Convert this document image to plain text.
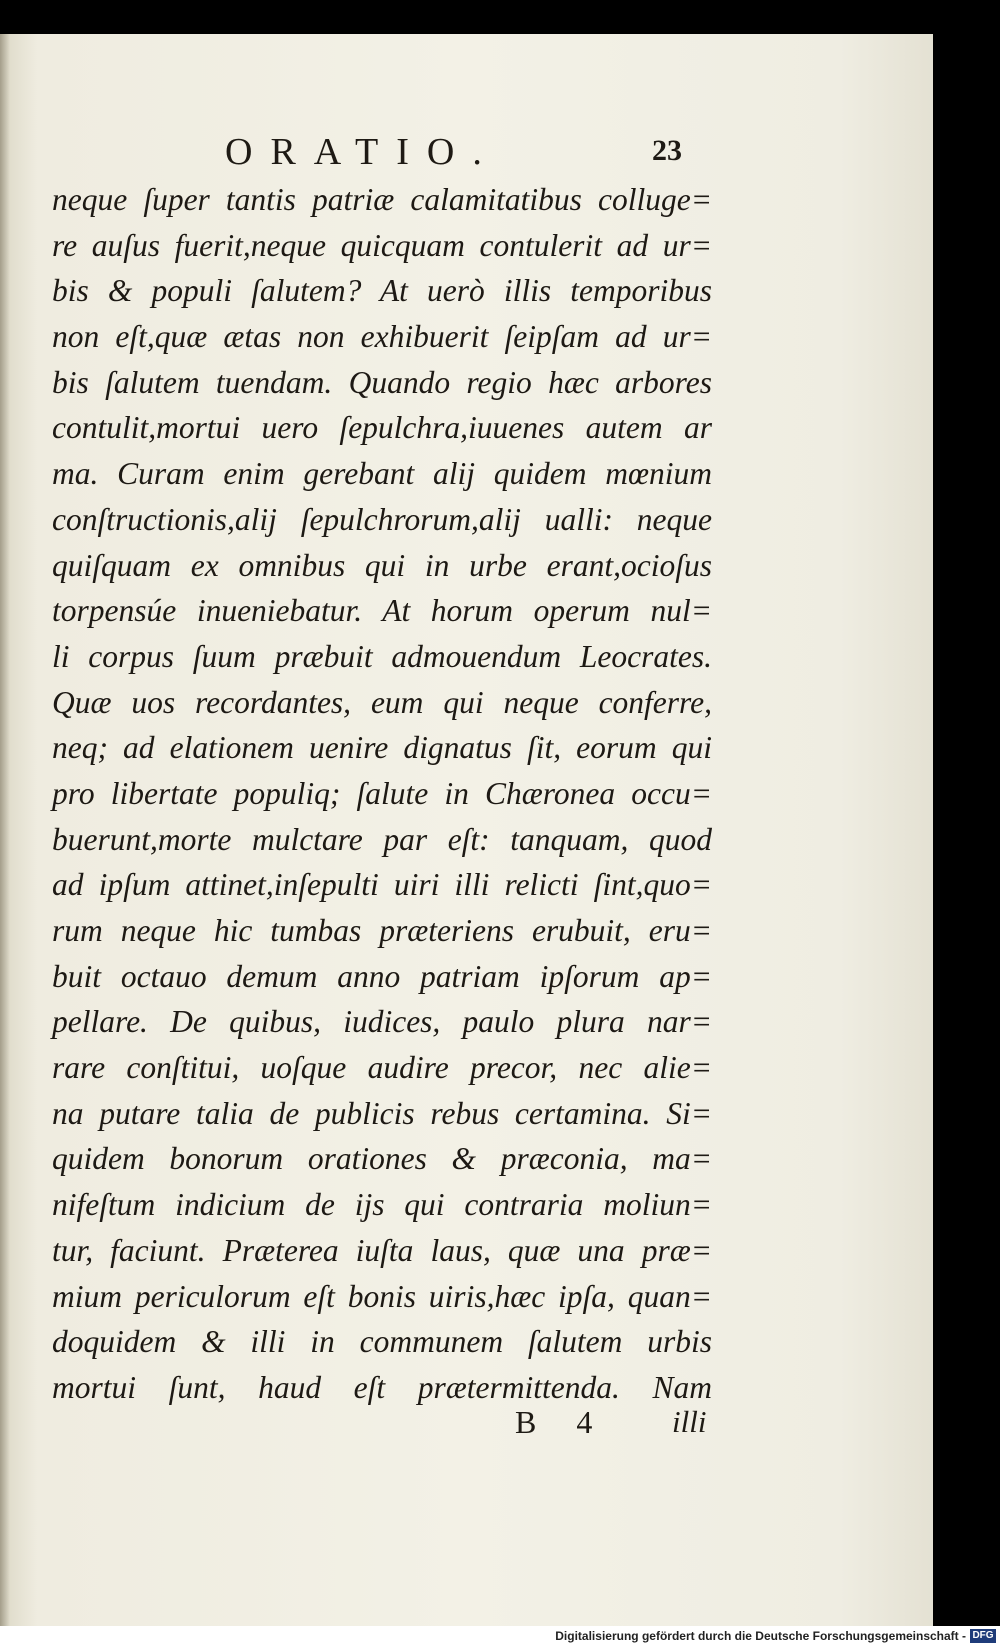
ORATIO.	23
neque ſuper tantis patriæ calamitatibus colluge=
re auſus fuerit,neque quicquam contulerit ad ur=
bis & populi ſalutem? At uerò illis temporibus
non eſt,quæ ætas non exhibuerit ſeipſam ad ur=
bis ſalutem tuendam. Quando regio hæc arbores
contulit,mortui uero ſepulchra,iuuenes autem ar
ma. Curam enim gerebant alij quidem mœnium
conſtructionis,alij ſepulchrorum,alij ualli: neque
quiſquam ex omnibus qui in urbe erant,ocioſus
torpensúe inueniebatur. At horum operum nul=
li corpus ſuum præbuit admouendum Leocrates.
Quæ uos recordantes, eum qui neque conferre,
neq; ad elationem uenire dignatus ſit, eorum qui
pro libertate populiq; ſalute in Chæronea occu=
buerunt,morte mulctare par eſt: tanquam, quod
ad ipſum attinet,inſepulti uiri illi relicti ſint,quo=
rum neque hic tumbas præteriens erubuit, eru=
buit octauo demum anno patriam ipſorum ap=
pellare. De quibus, iudices, paulo plura nar=
rare conſtitui, uoſque audire precor, nec alie=
na putare talia de publicis rebus certamina. Si=
quidem bonorum orationes & præconia, ma=
nifeſtum indicium de ijs qui contraria moliun=
tur, faciunt. Præterea iuſta laus, quæ una præ=
mium periculorum eſt bonis uiris,hæc ipſa, quan=
doquidem & illi in communem ſalutem urbis
mortui ſunt, haud eſt prætermittenda. Nam
B 4 illi
Digitalisierung gefördert durch die Deutsche Forschungsgemeinschaft - DFG
